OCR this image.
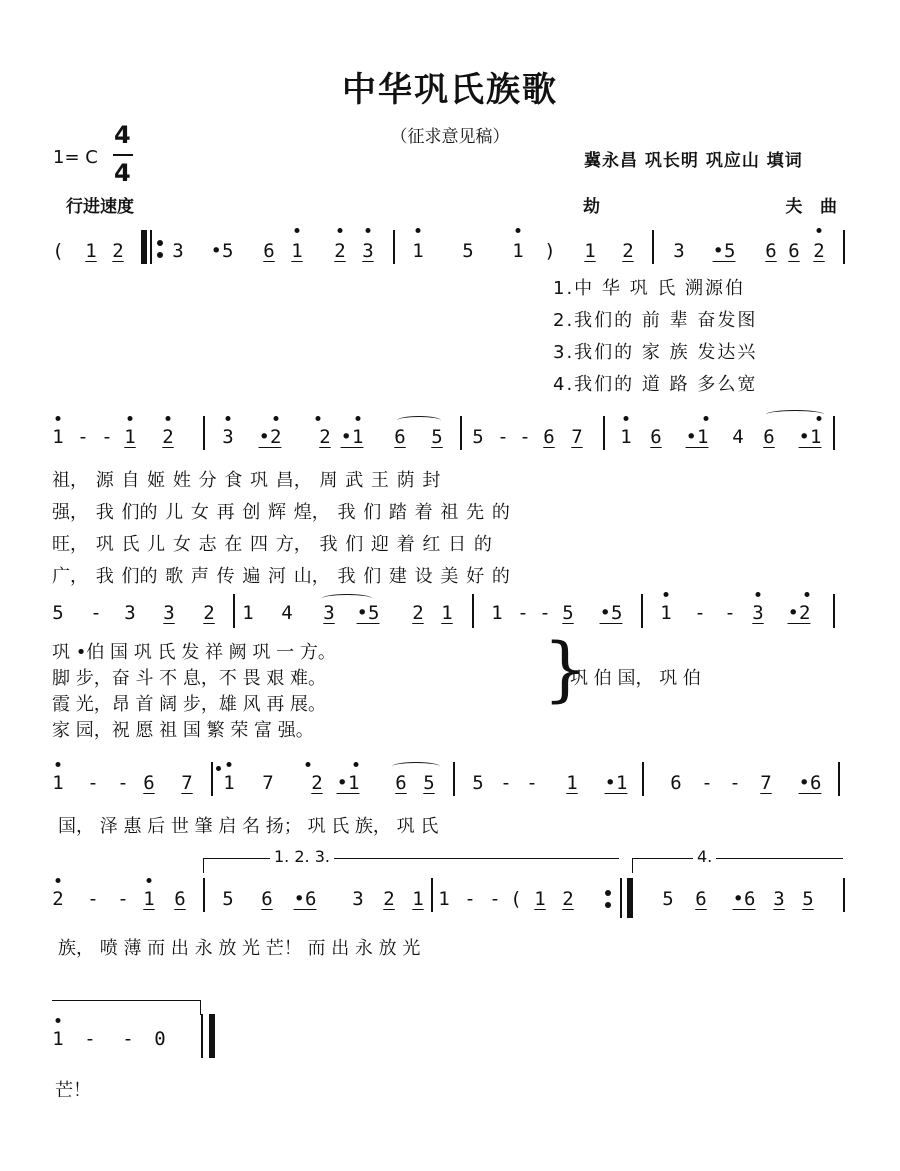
中华巩氏族歌
（征求意见稿）
1= C
4
4	冀永昌 巩长明 巩应山 填词
行进速度	劫	夫 曲
( 1 2	3 •5 6 1 2 3 1 5 1 ) 1 2 3 •5 6 6 2
1.中 华 巩 氏 溯源伯
2.我们的 前 辈 奋发图
3.我们的 家 族 发达兴
4.我们的 道 路 多么宽
1 - - 1 2	3 •2 2 •1 6 5 5 - - 6 7 1 6 •1 4 6 •1
祖， 源 自 姬 姓 分 食 巩 昌， 周 武 王 荫 封
强， 我 们的 儿 女 再 创 辉 煌， 我 们 踏 着 祖 先 的
旺， 巩 氏 儿 女 志 在 四 方， 我 们 迎 着 红 日 的
广， 我 们的 歌 声 传 遍 河 山， 我 们 建 设 美 好 的
5 - 3 3 2 1 4 3 •5 2 1 1 - - 5 •5 1 - - 3 •2
巩 •伯 国 巩 氏 发 祥 阙 巩 一 方。
脚 步，奋 斗 不 息，不 畏 艰 难。
霞 光，昂 首 阔 步，雄 风 再 展。
家 园，祝 愿 祖 国 繁 荣 富 强。
}
巩 伯 国， 巩 伯
1 - - 6 7 1 7 2 •1 6 5 5 - - 1 •1 6 - - 7 •6
国， 泽 惠 后 世 肇 启 名 扬； 巩 氏 族， 巩 氏
1. 2. 3.	4.
2 - - 1 6 5 6 •6 3 2 1 1 - - ( 1 2	5 6 •6 3 5
族， 喷 薄 而 出 永 放 光 芒！ 而 出 永 放 光
1 - - 0
芒！
